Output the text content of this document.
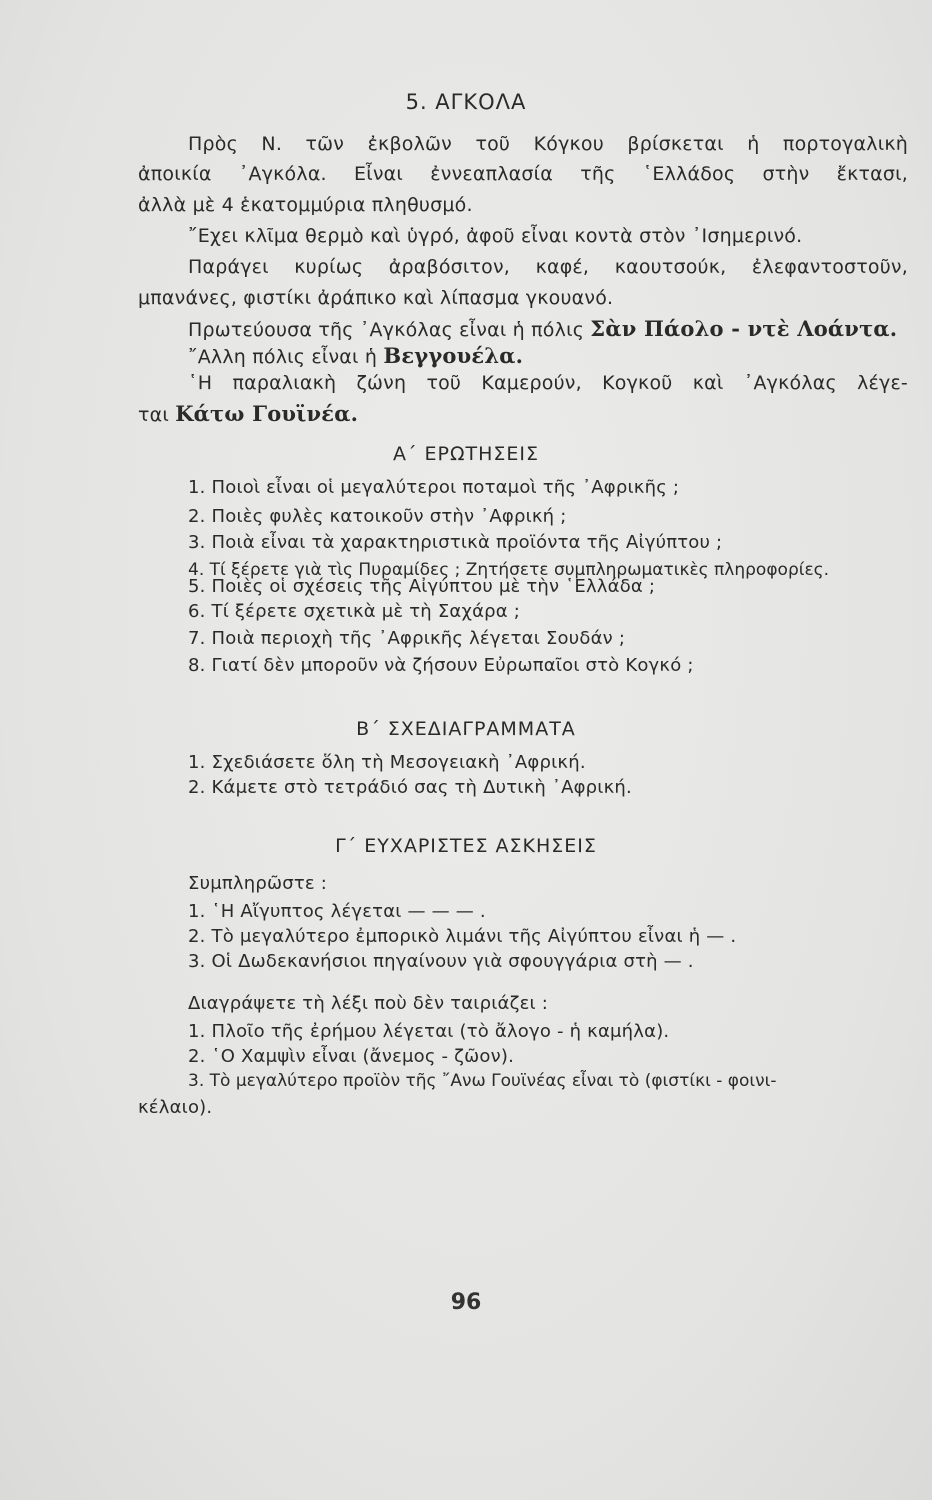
5. ΑΓΚΟΛΑ
Πρὸς Ν. τῶν ἐκβολῶν τοῦ Κόγκου βρίσκεται ἡ πορτογαλικὴ
ἀποικία ᾿Αγκόλα. Εἶναι ἐννεαπλασία τῆς ῾Ελλάδος στὴν ἔκτασι,
ἀλλὰ μὲ 4 ἑκατομμύρια πληθυσμό.
῎Εχει κλῖμα θερμὸ καὶ ὑγρό, ἀφοῦ εἶναι κοντὰ στὸν ᾿Ισημερινό.
Παράγει κυρίως ἀραβόσιτον, καφέ, καουτσούκ, ἐλεφαντοστοῦν,
μπανάνες, φιστίκι ἀράπικο καὶ λίπασμα γκουανό.
Πρωτεύουσα τῆς ᾿Αγκόλας εἶναι ἡ πόλις Σὰν Πάολο - ντὲ Λοάντα.
῎Αλλη πόλις εἶναι ἡ Βεγγουέλα.
῾Η παραλιακὴ ζώνη τοῦ Καμερούν, Κογκοῦ καὶ ᾿Αγκόλας λέγε-
ται Κάτω Γουϊνέα.
Α΄ ΕΡΩΤΗΣΕΙΣ
1. Ποιοὶ εἶναι οἱ μεγαλύτεροι ποταμοὶ τῆς ᾿Αφρικῆς ;
2. Ποιὲς φυλὲς κατοικοῦν στὴν ᾿Αφρική ;
3. Ποιὰ εἶναι τὰ χαρακτηριστικὰ προϊόντα τῆς Αἰγύπτου ;
4. Τί ξέρετε γιὰ τὶς Πυραμίδες ; Ζητήσετε συμπληρωματικὲς πληροφορίες.
5. Ποιὲς οἱ σχέσεις τῆς Αἰγύπτου μὲ τὴν ῾Ελλάδα ;
6. Τί ξέρετε σχετικὰ μὲ τὴ Σαχάρα ;
7. Ποιὰ περιοχὴ τῆς ᾿Αφρικῆς λέγεται Σουδάν ;
8. Γιατί δὲν μποροῦν νὰ ζήσουν Εὐρωπαῖοι στὸ Κογκό ;
Β΄ ΣΧΕΔΙΑΓΡΑΜΜΑΤΑ
1. Σχεδιάσετε ὅλη τὴ Μεσογειακὴ ᾿Αφρική.
2. Κάμετε στὸ τετράδιό σας τὴ Δυτικὴ ᾿Αφρική.
Γ΄ ΕΥΧΑΡΙΣΤΕΣ ΑΣΚΗΣΕΙΣ
Συμπληρῶστε :
1. ῾Η Αἴγυπτος λέγεται — — — .
2. Τὸ μεγαλύτερο ἐμπορικὸ λιμάνι τῆς Αἰγύπτου εἶναι ἡ — .
3. Οἱ Δωδεκανήσιοι πηγαίνουν γιὰ σφουγγάρια στὴ — .
Διαγράψετε τὴ λέξι ποὺ δὲν ταιριάζει :
1. Πλοῖο τῆς ἐρήμου λέγεται (τὸ ἄλογο - ἡ καμήλα).
2. ῾Ο Χαμψὶν εἶναι (ἄνεμος - ζῶον).
3. Τὸ μεγαλύτερο προϊὸν τῆς ῎Ανω Γουϊνέας εἶναι τὸ (φιστίκι - φοινι-
κέλαιο).
96
